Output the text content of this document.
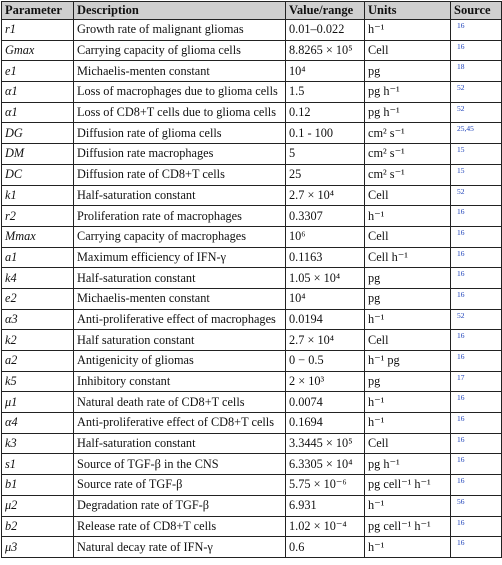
Parameter	Description	Value/range	Units	Source
r1	Growth rate of malignant gliomas	0.01–0.022	h⁻¹	16
Gmax	Carrying capacity of glioma cells	8.8265 × 10⁵	Cell	16
e1	Michaelis-menten constant	10⁴	pg	18
α1	Loss of macrophages due to glioma cells	1.5	pg h⁻¹	52
α1	Loss of CD8+T cells due to glioma cells	0.12	pg h⁻¹	52
DG	Diffusion rate of glioma cells	0.1 - 100	cm² s⁻¹	25,45
DM	Diffusion rate macrophages	5	cm² s⁻¹	15
DC	Diffusion rate of CD8+T cells	25	cm² s⁻¹	15
k1	Half-saturation constant	2.7 × 10⁴	Cell	52
r2	Proliferation rate of macrophages	0.3307	h⁻¹	16
Mmax	Carrying capacity of macrophages	10⁶	Cell	16
a1	Maximum efficiency of IFN-γ	0.1163	Cell h⁻¹	16
k4	Half-saturation constant	1.05 × 10⁴	pg	16
e2	Michaelis-menten constant	10⁴	pg	16
α3	Anti-proliferative effect of macrophages	0.0194	h⁻¹	52
k2	Half saturation constant	2.7 × 10⁴	Cell	16
a2	Antigenicity of gliomas	0 − 0.5	h⁻¹ pg	16
k5	Inhibitory constant	2 × 10³	pg	17
μ1	Natural death rate of CD8+T cells	0.0074	h⁻¹	16
α4	Anti-proliferative effect of CD8+T cells	0.1694	h⁻¹	16
k3	Half-saturation constant	3.3445 × 10⁵	Cell	16
s1	Source of TGF-β in the CNS	6.3305 × 10⁴	pg h⁻¹	16
b1	Source rate of TGF-β	5.75 × 10⁻⁶	pg cell⁻¹ h⁻¹	16
μ2	Degradation rate of TGF-β	6.931	h⁻¹	56
b2	Release rate of CD8+T cells	1.02 × 10⁻⁴	pg cell⁻¹ h⁻¹	16
μ3	Natural decay rate of IFN-γ	0.6	h⁻¹	16
